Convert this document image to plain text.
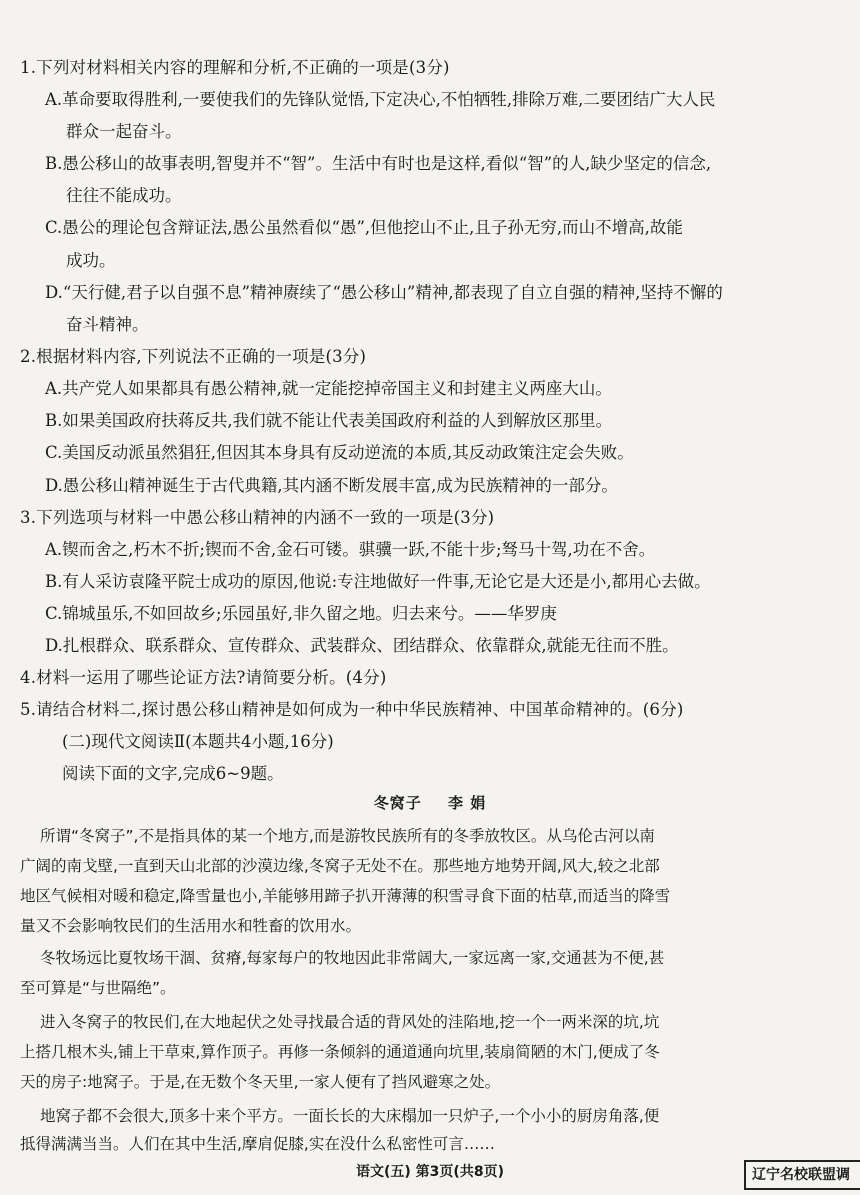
1.下列对材料相关内容的理解和分析,不正确的一项是(3分)
A.革命要取得胜利,一要使我们的先锋队觉悟,下定决心,不怕牺牲,排除万难,二要团结广大人民
群众一起奋斗。
B.愚公移山的故事表明,智叟并不“智”。生活中有时也是这样,看似“智”的人,缺少坚定的信念,
往往不能成功。
C.愚公的理论包含辩证法,愚公虽然看似“愚”,但他挖山不止,且子孙无穷,而山不增高,故能
成功。
D.“天行健,君子以自强不息”精神赓续了“愚公移山”精神,都表现了自立自强的精神,坚持不懈的
奋斗精神。
2.根据材料内容,下列说法不正确的一项是(3分)
A.共产党人如果都具有愚公精神,就一定能挖掉帝国主义和封建主义两座大山。
B.如果美国政府扶蒋反共,我们就不能让代表美国政府利益的人到解放区那里。
C.美国反动派虽然猖狂,但因其本身具有反动逆流的本质,其反动政策注定会失败。
D.愚公移山精神诞生于古代典籍,其内涵不断发展丰富,成为民族精神的一部分。
3.下列选项与材料一中愚公移山精神的内涵不一致的一项是(3分)
A.锲而舍之,朽木不折;锲而不舍,金石可镂。骐骥一跃,不能十步;驽马十驾,功在不舍。
B.有人采访袁隆平院士成功的原因,他说:专注地做好一件事,无论它是大还是小,都用心去做。
C.锦城虽乐,不如回故乡;乐园虽好,非久留之地。归去来兮。——华罗庚
D.扎根群众、联系群众、宣传群众、武装群众、团结群众、依靠群众,就能无往而不胜。
4.材料一运用了哪些论证方法?请简要分析。(4分)
5.请结合材料二,探讨愚公移山精神是如何成为一种中华民族精神、中国革命精神的。(6分)
(二)现代文阅读Ⅱ(本题共4小题,16分)
阅读下面的文字,完成6~9题。
冬窝子 李 娟
所谓“冬窝子”,不是指具体的某一个地方,而是游牧民族所有的冬季放牧区。从乌伦古河以南
广阔的南戈壁,一直到天山北部的沙漠边缘,冬窝子无处不在。那些地方地势开阔,风大,较之北部
地区气候相对暖和稳定,降雪量也小,羊能够用蹄子扒开薄薄的积雪寻食下面的枯草,而适当的降雪
量又不会影响牧民们的生活用水和牲畜的饮用水。
冬牧场远比夏牧场干涸、贫瘠,每家每户的牧地因此非常阔大,一家远离一家,交通甚为不便,甚
至可算是“与世隔绝”。
进入冬窝子的牧民们,在大地起伏之处寻找最合适的背风处的洼陷地,挖一个一两米深的坑,坑
上搭几根木头,铺上干草束,算作顶子。再修一条倾斜的通道通向坑里,装扇简陋的木门,便成了冬
天的房子:地窝子。于是,在无数个冬天里,一家人便有了挡风避寒之处。
地窝子都不会很大,顶多十来个平方。一面长长的大床榻加一只炉子,一个小小的厨房角落,便
抵得满满当当。人们在其中生活,摩肩促膝,实在没什么私密性可言……
语文(五) 第3页(共8页)	辽宁名校联盟调
